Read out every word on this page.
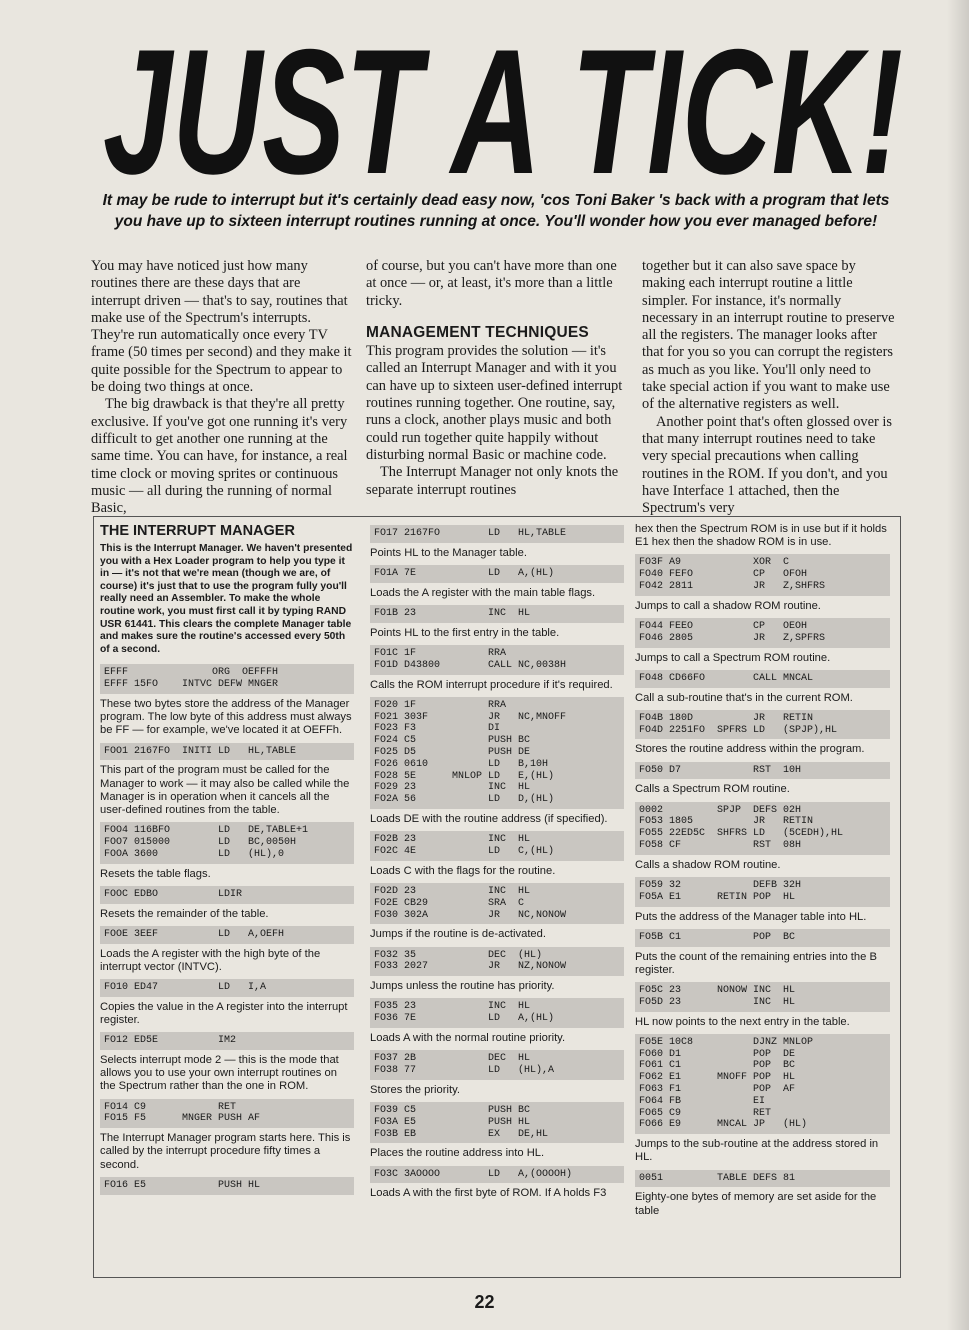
JUST A TICK!
It may be rude to interrupt but it's certainly dead easy now, 'cos Toni Baker 's back with a program that lets you have up to sixteen interrupt routines running at once. You'll wonder how you ever managed before!

You may have noticed just how many routines there are these days that are interrupt driven — that's to say, routines that make use of the Spectrum's interrupts. They're run automatically once every TV frame (50 times per second) and they make it quite possible for the Spectrum to appear to be doing two things at once.

The big drawback is that they're all pretty exclusive. If you've got one running it's very difficult to get another one running at the same time. You can have, for instance, a real time clock or moving sprites or continuous music — all during the running of normal Basic,

of course, but you can't have more than one at once — or, at least, it's more than a little tricky.

MANAGEMENT TECHNIQUES

This program provides the solution — it's called an Interrupt Manager and with it you can have up to sixteen user-defined interrupt routines running together. One routine, say, runs a clock, another plays music and both could run together quite happily without disturbing normal Basic or machine code.

The Interrupt Manager not only knots the separate interrupt routines

together but it can also save space by making each interrupt routine a little simpler. For instance, it's normally necessary in an interrupt routine to preserve all the registers. The manager looks after that for you so you can corrupt the registers as much as you like. You'll only need to take special action if you want to make use of the alternative registers as well.

Another point that's often glossed over is that many interrupt routines need to take very special precautions when calling routines in the ROM. If you don't, and you have Interface 1 attached, then the Spectrum's very

THE INTERRUPT MANAGER
This is the Interrupt Manager. We haven't presented you with a Hex Loader program to help you type it in — it's not that we're mean (though we are, of course) it's just that to use the program fully you'll really need an Assembler. To make the whole routine work, you must first call it by typing RAND USR 61441. This clears the complete Manager table and makes sure the routine's accessed every 50th of a second.
EFFF              ORG  OEFFFH
EFFF 15FO    INTVC DEFW MNGER
These two bytes store the address of the Manager program. The low byte of this address must always be FF — for example, we've located it at OEFFh.
FOO1 2167FO  INITI LD   HL,TABLE
This part of the program must be called for the Manager to work — it may also be called while the Manager is in operation when it cancels all the user-defined routines from the table.
FOO4 116BFO        LD   DE,TABLE+1
FOO7 015000        LD   BC,0050H
FOOA 3600          LD   (HL),0
Resets the table flags.
FOOC EDBO          LDIR
Resets the remainder of the table.
FOOE 3EEF          LD   A,OEFH
Loads the A register with the high byte of the interrupt vector (INTVC).
FO10 ED47          LD   I,A
Copies the value in the A register into the interrupt register.
FO12 ED5E          IM2
Selects interrupt mode 2 — this is the mode that allows you to use your own interrupt routines on the Spectrum rather than the one in ROM.
FO14 C9            RET
FO15 F5      MNGER PUSH AF
The Interrupt Manager program starts here. This is called by the interrupt procedure fifty times a second.
FO16 E5            PUSH HL
FO17 2167FO        LD   HL,TABLE
Points HL to the Manager table.
FO1A 7E            LD   A,(HL)
Loads the A register with the main table flags.
FO1B 23            INC  HL
Points HL to the first entry in the table.
FO1C 1F            RRA
FO1D D43800        CALL NC,0038H
Calls the ROM interrupt procedure if it's required.
FO20 1F            RRA
FO21 303F          JR   NC,MNOFF
FO23 F3            DI
FO24 C5            PUSH BC
FO25 D5            PUSH DE
FO26 0610          LD   B,10H
FO28 5E      MNLOP LD   E,(HL)
FO29 23            INC  HL
FO2A 56            LD   D,(HL)
Loads DE with the routine address (if specified).
FO2B 23            INC  HL
FO2C 4E            LD   C,(HL)
Loads C with the flags for the routine.
FO2D 23            INC  HL
FO2E CB29          SRA  C
FO30 302A          JR   NC,NONOW
Jumps if the routine is de-activated.
FO32 35            DEC  (HL)
FO33 2027          JR   NZ,NONOW
Jumps unless the routine has priority.
FO35 23            INC  HL
FO36 7E            LD   A,(HL)
Loads A with the normal routine priority.
FO37 2B            DEC  HL
FO38 77            LD   (HL),A
Stores the priority.
FO39 C5            PUSH BC
FO3A E5            PUSH HL
FO3B EB            EX   DE,HL
Places the routine address into HL.
FO3C 3AOOOO        LD   A,(OOOOH)
Loads A with the first byte of ROM. If A holds F3
hex then the Spectrum ROM is in use but if it holds E1 hex then the shadow ROM is in use.
FO3F A9            XOR  C
FO40 FEFO          CP   OFOH
FO42 2811          JR   Z,SHFRS
Jumps to call a shadow ROM routine.
FO44 FEEO          CP   OEOH
FO46 2805          JR   Z,SPFRS
Jumps to call a Spectrum ROM routine.
FO48 CD66FO        CALL MNCAL
Call a sub-routine that's in the current ROM.
FO4B 180D          JR   RETIN
FO4D 2251FO  SPFRS LD   (SPJP),HL
Stores the routine address within the program.
FO50 D7            RST  10H
Calls a Spectrum ROM routine.
0002         SPJP  DEFS 02H
FO53 1805          JR   RETIN
FO55 22ED5C  SHFRS LD   (5CEDH),HL
FO58 CF            RST  08H
Calls a shadow ROM routine.
FO59 32            DEFB 32H
FO5A E1      RETIN POP  HL
Puts the address of the Manager table into HL.
FO5B C1            POP  BC
Puts the count of the remaining entries into the B register.
FO5C 23      NONOW INC  HL
FO5D 23            INC  HL
HL now points to the next entry in the table.
FO5E 10C8          DJNZ MNLOP
FO60 D1            POP  DE
FO61 C1            POP  BC
FO62 E1      MNOFF POP  HL
FO63 F1            POP  AF
FO64 FB            EI
FO65 C9            RET
FO66 E9      MNCAL JP   (HL)
Jumps to the sub-routine at the address stored in HL.
0051         TABLE DEFS 81
Eighty-one bytes of memory are set aside for the table
22
